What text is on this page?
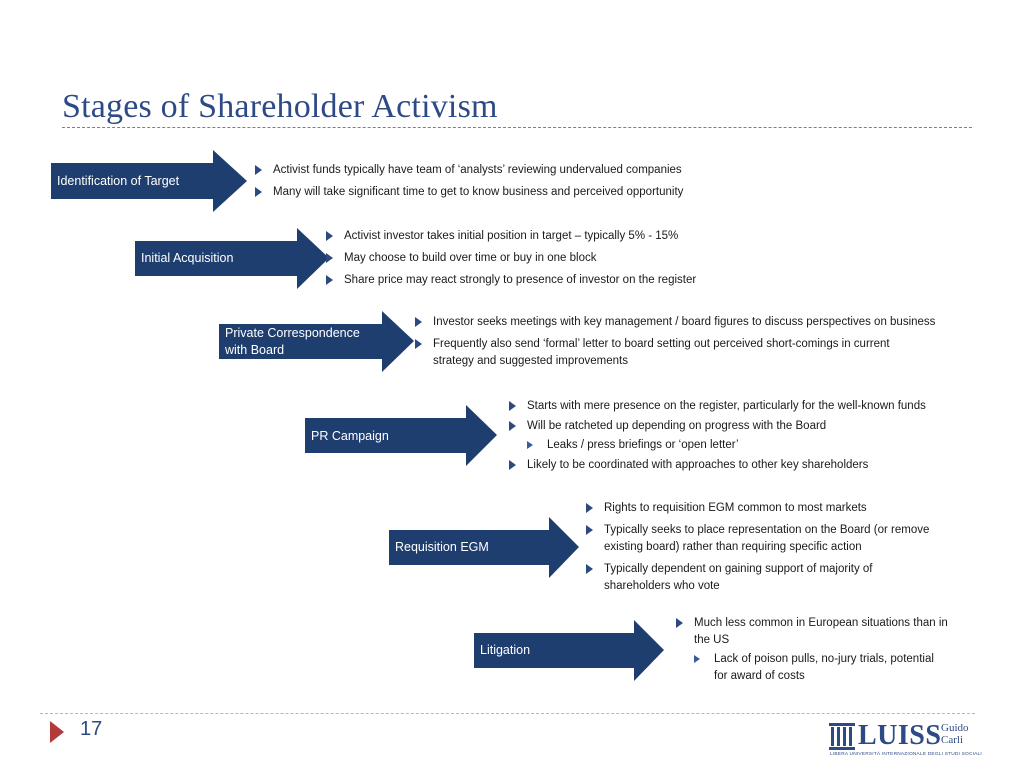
Stages of Shareholder Activism
Identification of Target
Activist funds typically have team of ‘analysts’ reviewing undervalued companies
Many will take significant time to get to know business and perceived opportunity
Initial Acquisition
Activist investor takes initial position in target – typically 5% - 15%
May choose to build over time or buy in one block
Share price may react strongly to presence of investor on the register
Private Correspondence
with Board
Investor seeks meetings with key management / board figures to discuss perspectives on business
Frequently also send ‘formal’ letter to board setting out perceived short-comings in current
strategy and suggested improvements
PR Campaign
Starts with mere presence on the register, particularly for the well-known funds
Will be ratcheted up depending on progress with the Board
Leaks / press briefings or ‘open letter’
Likely to be coordinated with approaches to other key shareholders
Requisition EGM
Rights to requisition EGM common to most markets
Typically seeks to place representation on the Board (or remove
existing board) rather than requiring specific action
Typically dependent on gaining support of majority of
shareholders who vote
Litigation
Much less common in European situations than in
the US
Lack of poison pulls, no-jury trials, potential
for award of costs
17	LUISS Guido
Carli
LIBERA UNIVERSITÀ INTERNAZIONALE DEGLI STUDI SOCIALI
